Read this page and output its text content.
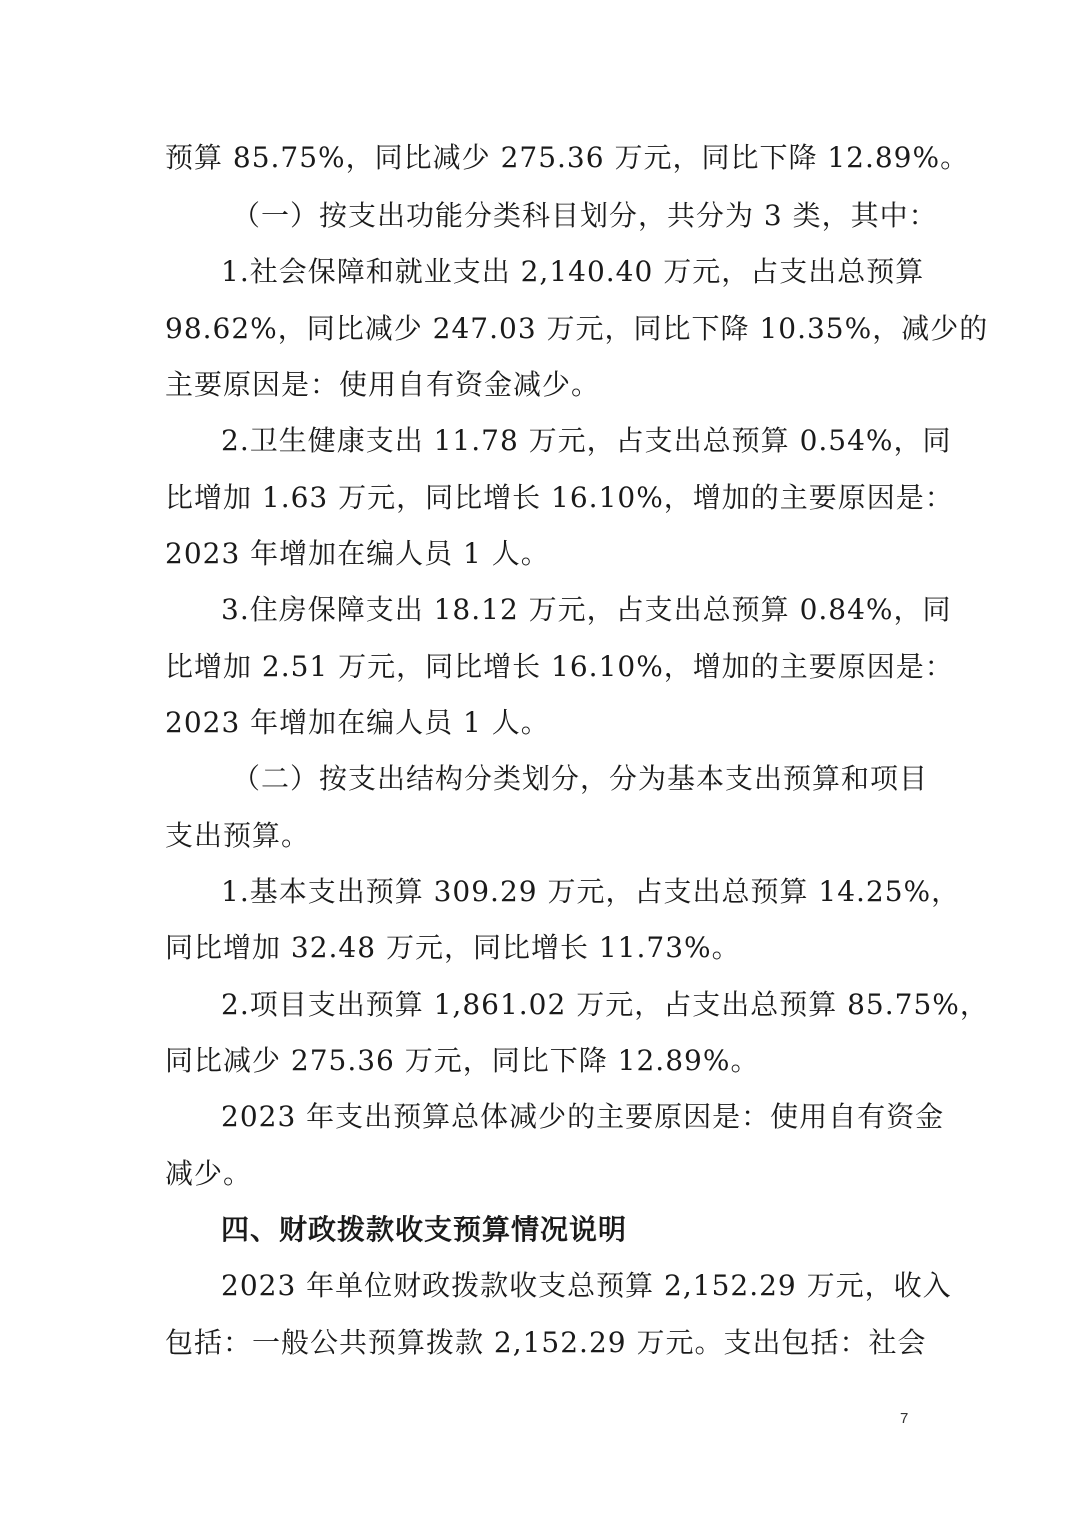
预算 85.75%，同比减少 275.36 万元，同比下降 12.89%。
（一）按支出功能分类科目划分，共分为 3 类，其中：
1.社会保障和就业支出 2,140.40 万元，占支出总预算
98.62%，同比减少 247.03 万元，同比下降 10.35%，减少的
主要原因是：使用自有资金减少。
2.卫生健康支出 11.78 万元，占支出总预算 0.54%，同
比增加 1.63 万元，同比增长 16.10%，增加的主要原因是：
2023 年增加在编人员 1 人。
3.住房保障支出 18.12 万元，占支出总预算 0.84%，同
比增加 2.51 万元，同比增长 16.10%，增加的主要原因是：
2023 年增加在编人员 1 人。
（二）按支出结构分类划分，分为基本支出预算和项目
支出预算。
1.基本支出预算 309.29 万元，占支出总预算 14.25%，
同比增加 32.48 万元，同比增长 11.73%。
2.项目支出预算 1,861.02 万元，占支出总预算 85.75%，
同比减少 275.36 万元，同比下降 12.89%。
2023 年支出预算总体减少的主要原因是：使用自有资金
减少。
四、财政拨款收支预算情况说明
2023 年单位财政拨款收支总预算 2,152.29 万元，收入
包括：一般公共预算拨款 2,152.29 万元。支出包括：社会
7
